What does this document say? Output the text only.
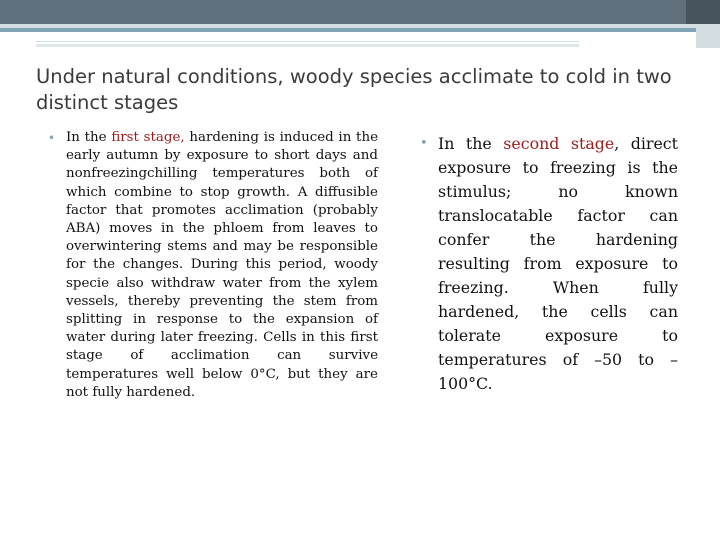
Under natural conditions, woody species acclimate to cold in two distinct stages
• In the first stage, hardening is induced in the early autumn by exposure to short days and nonfreezingchilling temperatures both of which combine to stop growth. A diffusible factor that promotes acclimation (probably ABA) moves in the phloem from leaves to overwintering stems and may be responsible for the changes. During this period, woody specie also withdraw water from the xylem vessels, thereby preventing the stem from splitting in response to the expansion of water during later freezing. Cells in this first stage of acclimation can survive temperatures well below 0°C, but they are not fully hardened.
• In the second stage, direct exposure to freezing is the stimulus; no known translocatable factor can confer the hardening resulting from exposure to freezing. When fully hardened, the cells can tolerate exposure to temperatures of –50 to –100°C.
